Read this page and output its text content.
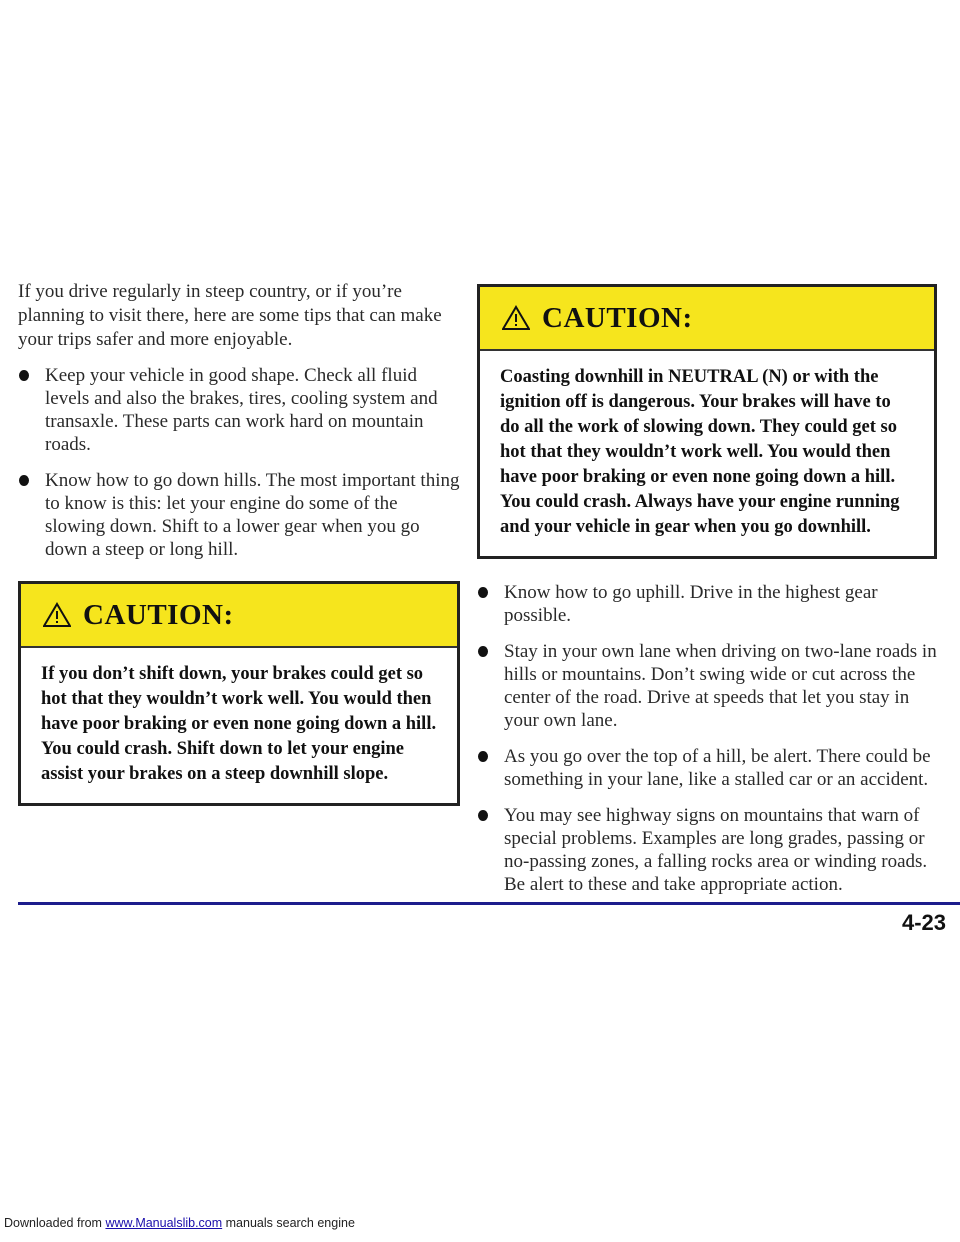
If you drive regularly in steep country, or if you’re planning to visit there, here are some tips that can make your trips safer and more enjoyable.

Keep your vehicle in good shape. Check all fluid levels and also the brakes, tires, cooling system and transaxle. These parts can work hard on mountain roads.
Know how to go down hills. The most important thing to know is this: let your engine do some of the slowing down. Shift to a lower gear when you go down a steep or long hill.
CAUTION:
If you don’t shift down, your brakes could get so hot that they wouldn’t work well. You would then have poor braking or even none going down a hill. You could crash. Shift down to let your engine assist your brakes on a steep downhill slope.
CAUTION:
Coasting downhill in NEUTRAL (N) or with the ignition off is dangerous. Your brakes will have to do all the work of slowing down. They could get so hot that they wouldn’t work well. You would then have poor braking or even none going down a hill. You could crash. Always have your engine running and your vehicle in gear when you go downhill.
Know how to go uphill. Drive in the highest gear possible.
Stay in your own lane when driving on two-lane roads in hills or mountains. Don’t swing wide or cut across the center of the road. Drive at speeds that let you stay in your own lane.
As you go over the top of a hill, be alert. There could be something in your lane, like a stalled car or an accident.
You may see highway signs on mountains that warn of special problems. Examples are long grades, passing or no-passing zones, a falling rocks area or winding roads. Be alert to these and take appropriate action.
4-23
Downloaded from www.Manualslib.com manuals search engine
